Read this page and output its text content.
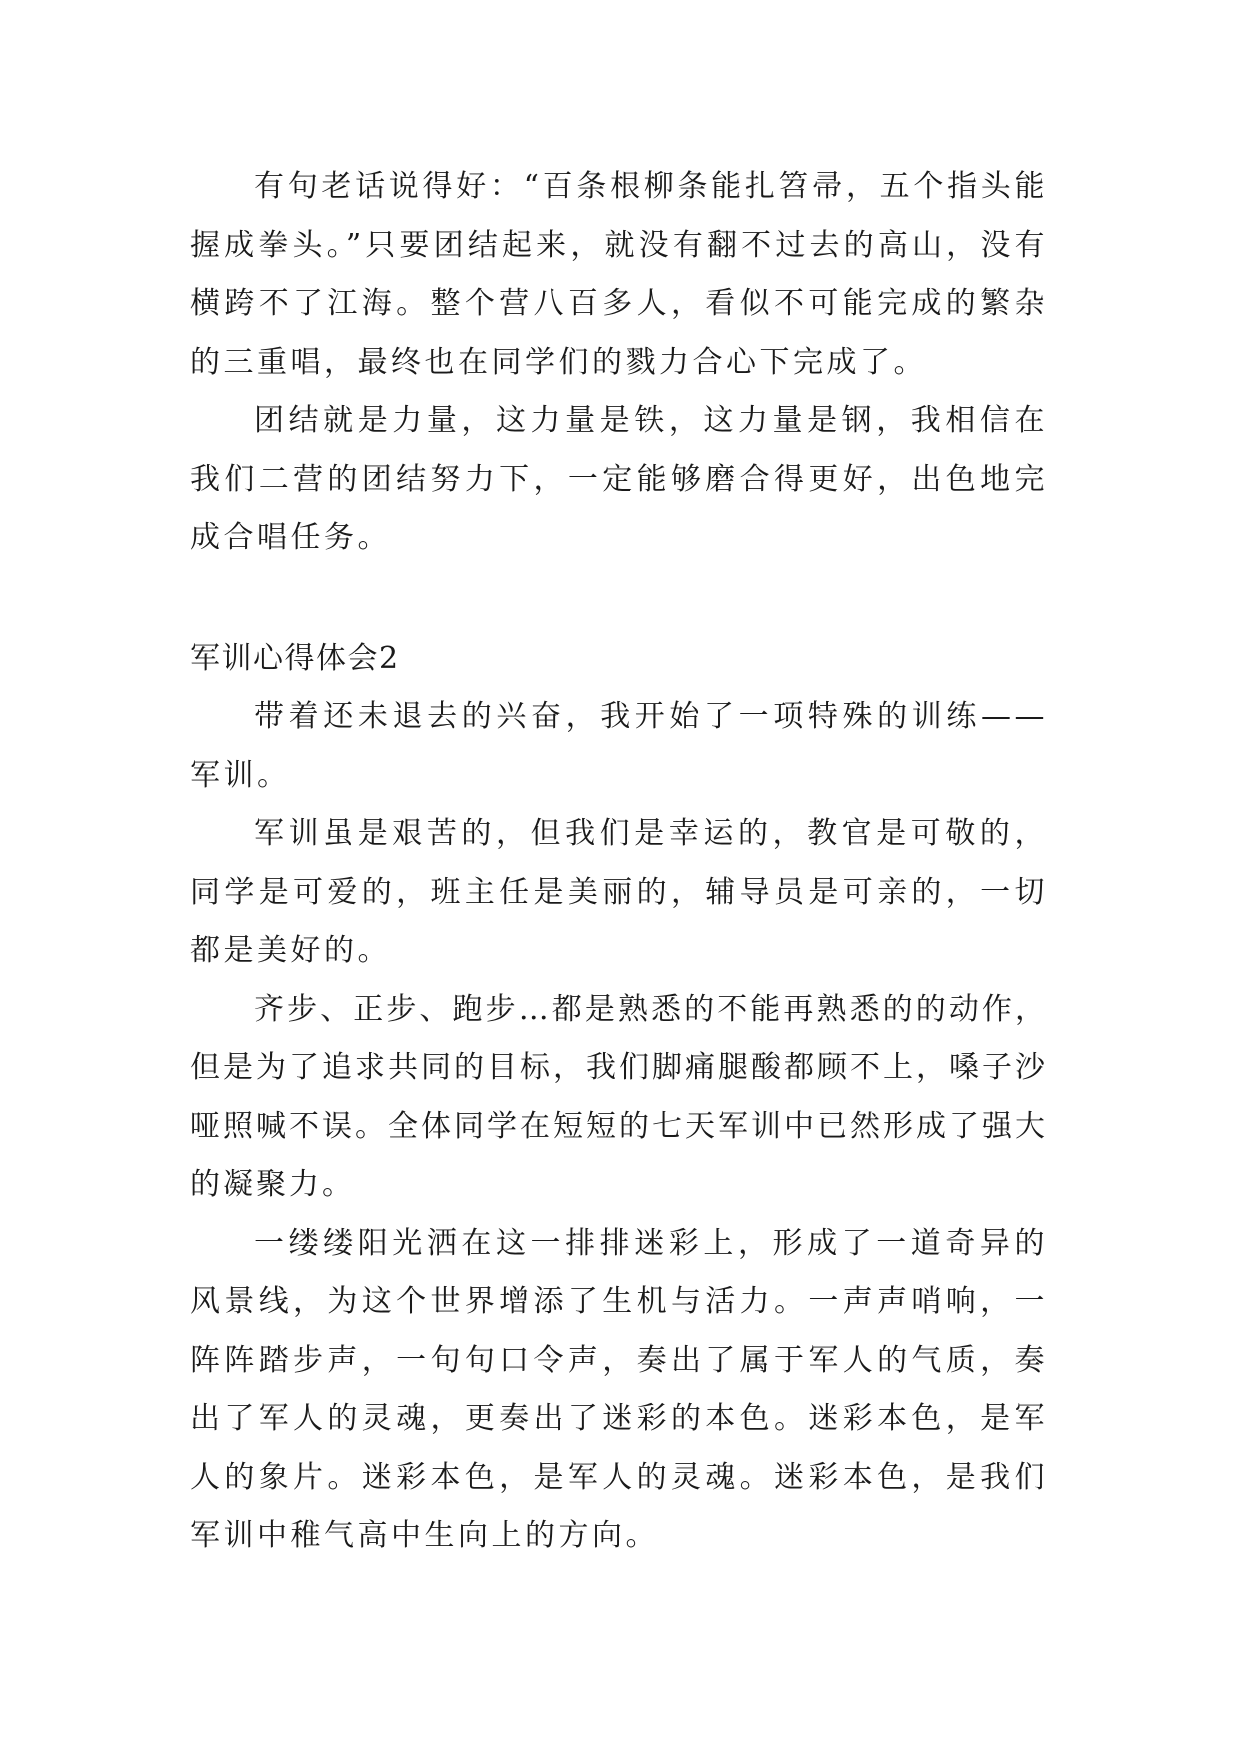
有句老话说得好：“百条根柳条能扎笤帚，五个指头能握成拳头。”只要团结起来，就没有翻不过去的高山，没有横跨不了江海。整个营八百多人，看似不可能完成的繁杂的三重唱，最终也在同学们的戮力合心下完成了。

团结就是力量，这力量是铁，这力量是钢，我相信在我们二营的团结努力下，一定能够磨合得更好，出色地完成合唱任务。

军训心得体会2

带着还未退去的兴奋，我开始了一项特殊的训练——军训。

军训虽是艰苦的，但我们是幸运的，教官是可敬的，同学是可爱的，班主任是美丽的，辅导员是可亲的，一切都是美好的。

齐步、正步、跑步…都是熟悉的不能再熟悉的的动作，但是为了追求共同的目标，我们脚痛腿酸都顾不上，嗓子沙哑照喊不误。全体同学在短短的七天军训中已然形成了强大的凝聚力。

一缕缕阳光洒在这一排排迷彩上，形成了一道奇异的风景线，为这个世界增添了生机与活力。一声声哨响，一阵阵踏步声，一句句口令声，奏出了属于军人的气质，奏出了军人的灵魂，更奏出了迷彩的本色。迷彩本色，是军人的象片。迷彩本色，是军人的灵魂。迷彩本色，是我们军训中稚气高中生向上的方向。
